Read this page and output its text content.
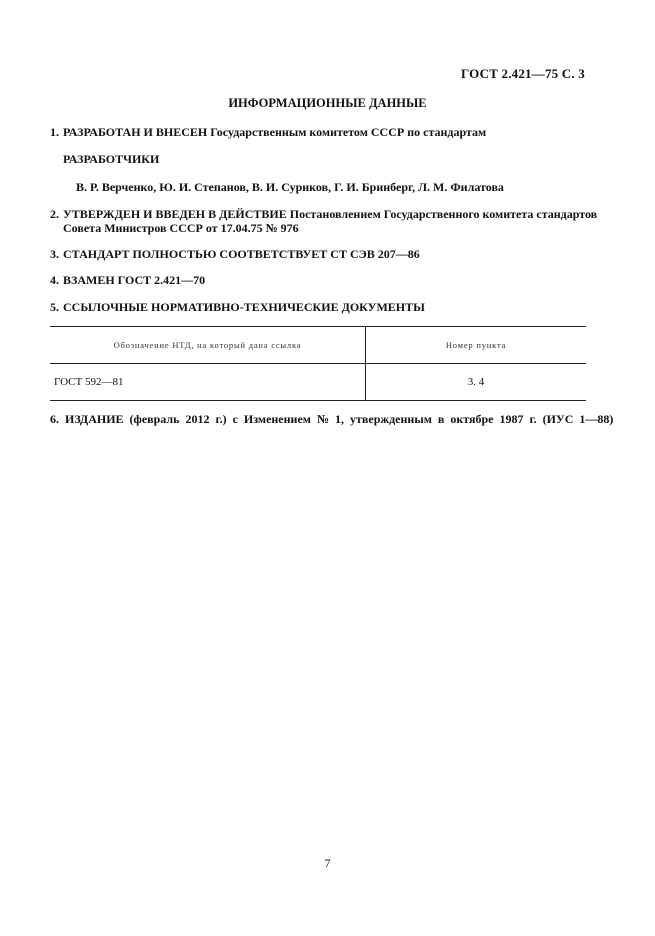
ГОСТ 2.421—75 С. 3
ИНФОРМАЦИОННЫЕ ДАННЫЕ
1. РАЗРАБОТАН И ВНЕСЕН Государственным комитетом СССР по стандартам
РАЗРАБОТЧИКИ
В. Р. Верченко, Ю. И. Степанов, В. И. Суриков, Г. И. Бринберг, Л. М. Филатова
2. УТВЕРЖДЕН И ВВЕДЕН В ДЕЙСТВИЕ Постановлением Государственного комитета стандартов
Совета Министров СССР от 17.04.75 № 976
3. СТАНДАРТ ПОЛНОСТЬЮ СООТВЕТСТВУЕТ СТ СЭВ 207—86
4. ВЗАМЕН ГОСТ 2.421—70
5. ССЫЛОЧНЫЕ НОРМАТИВНО-ТЕХНИЧЕСКИЕ ДОКУМЕНТЫ
Обозначение НТД, на который дана ссылка	Номер пункта
ГОСТ 592—81	3. 4
6. ИЗДАНИЕ (февраль 2012 г.) с Изменением № 1, утвержденным в октябре 1987 г. (ИУС 1—88)
7
